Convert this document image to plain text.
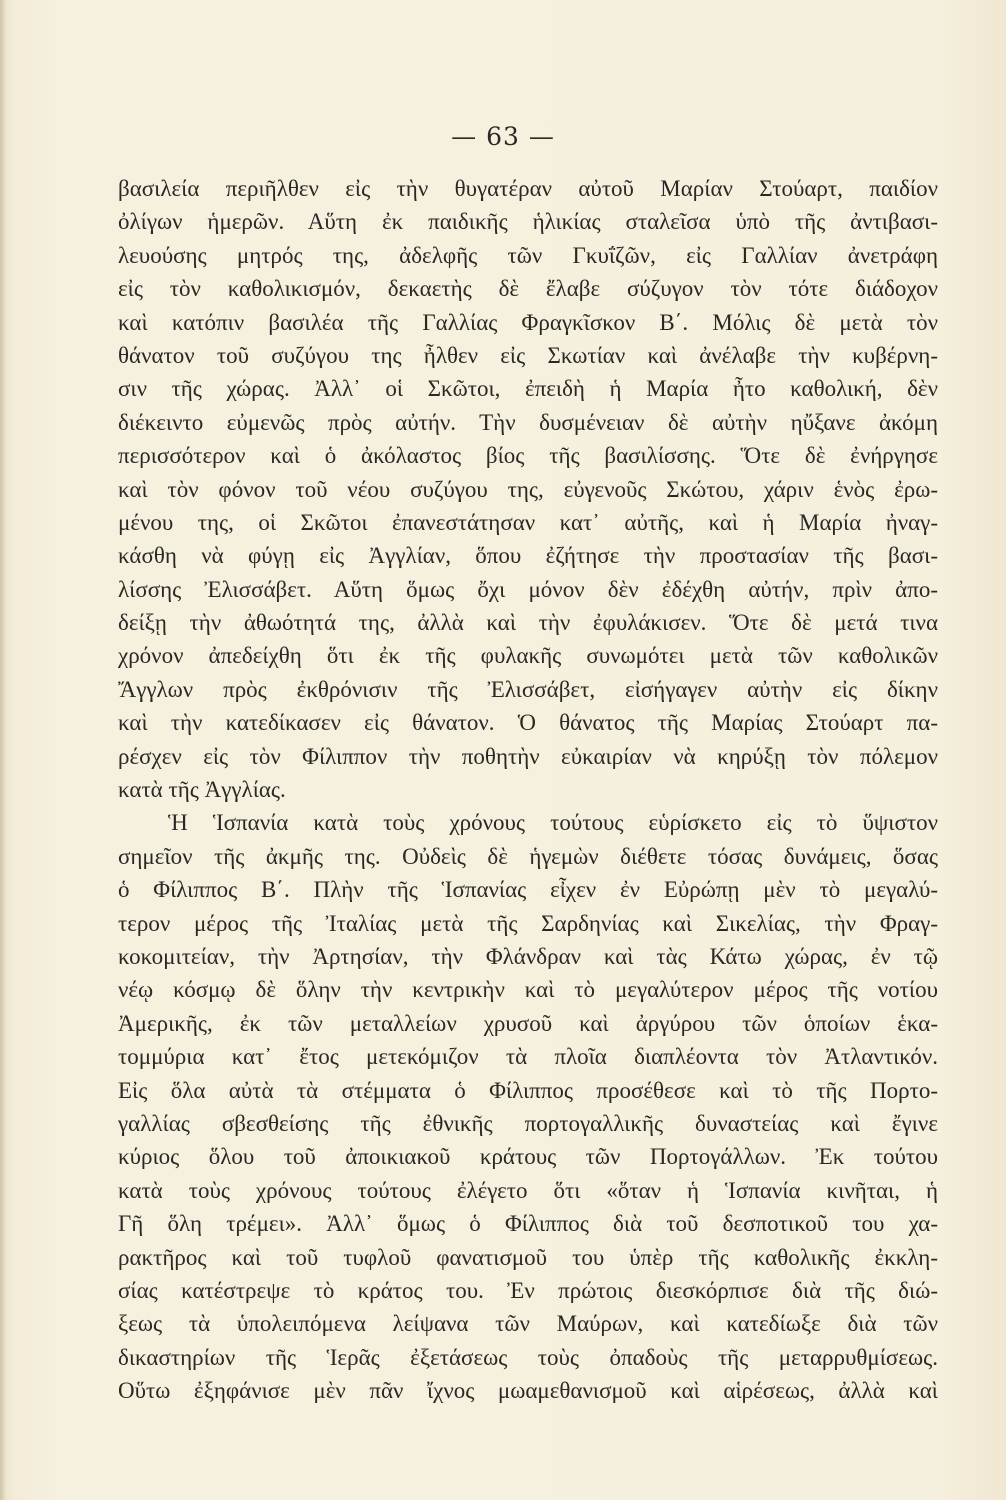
— 63 —
βασιλεία περιῆλθεν εἰς τὴν θυγατέραν αὐτοῦ Μαρίαν Στούαρτ, παιδίον
ὀλίγων ἡμερῶν. Αὕτη ἐκ παιδικῆς ἡλικίας σταλεῖσα ὑπὸ τῆς ἀντιβασι-
λευούσης μητρός της, ἀδελφῆς τῶν Γκυΐζῶν, εἰς Γαλλίαν ἀνετράφη
εἰς τὸν καθολικισμόν, δεκαετὴς δὲ ἔλαβε σύζυγον τὸν τότε διάδοχον
καὶ κατόπιν βασιλέα τῆς Γαλλίας Φραγκῖσκον Β΄. Μόλις δὲ μετὰ τὸν
θάνατον τοῦ συζύγου της ἦλθεν εἰς Σκωτίαν καὶ ἀνέλαβε τὴν κυβέρνη-
σιν τῆς χώρας. Ἀλλ᾿ οἱ Σκῶτοι, ἐπειδὴ ἡ Μαρία ἦτο καθολική, δὲν
διέκειντο εὐμενῶς πρὸς αὐτήν. Τὴν δυσμένειαν δὲ αὐτὴν ηὔξανε ἀκόμη
περισσότερον καὶ ὁ ἀκόλαστος βίος τῆς βασιλίσσης. Ὅτε δὲ ἐνήργησε
καὶ τὸν φόνον τοῦ νέου συζύγου της, εὐγενοῦς Σκώτου, χάριν ἑνὸς ἐρω-
μένου της, οἱ Σκῶτοι ἐπανεστάτησαν κατ᾿ αὐτῆς, καὶ ἡ Μαρία ἠναγ-
κάσθη νὰ φύγῃ εἰς Ἀγγλίαν, ὅπου ἐζήτησε τὴν προστασίαν τῆς βασι-
λίσσης Ἐλισσάβετ. Αὕτη ὅμως ὄχι μόνον δὲν ἐδέχθη αὐτήν, πρὶν ἀπο-
δείξῃ τὴν ἀθωότητά της, ἀλλὰ καὶ τὴν ἐφυλάκισεν. Ὅτε δὲ μετά τινα
χρόνον ἀπεδείχθη ὅτι ἐκ τῆς φυλακῆς συνωμότει μετὰ τῶν καθολικῶν
Ἄγγλων πρὸς ἐκθρόνισιν τῆς Ἐλισσάβετ, εἰσήγαγεν αὐτὴν εἰς δίκην
καὶ τὴν κατεδίκασεν εἰς θάνατον. Ὁ θάνατος τῆς Μαρίας Στούαρτ πα-
ρέσχεν εἰς τὸν Φίλιππον τὴν ποθητὴν εὐκαιρίαν νὰ κηρύξῃ τὸν πόλεμον
κατὰ τῆς Ἀγγλίας.
Ἡ Ἱσπανία κατὰ τοὺς χρόνους τούτους εὑρίσκετο εἰς τὸ ὕψιστον
σημεῖον τῆς ἀκμῆς της. Οὐδεὶς δὲ ἡγεμὼν διέθετε τόσας δυνάμεις, ὅσας
ὁ Φίλιππος Β΄. Πλὴν τῆς Ἱσπανίας εἶχεν ἐν Εὐρώπῃ μὲν τὸ μεγαλύ-
τερον μέρος τῆς Ἰταλίας μετὰ τῆς Σαρδηνίας καὶ Σικελίας, τὴν Φραγ-
κοκομιτείαν, τὴν Ἀρτησίαν, τὴν Φλάνδραν καὶ τὰς Κάτω χώρας, ἐν τῷ
νέῳ κόσμῳ δὲ ὅλην τὴν κεντρικὴν καὶ τὸ μεγαλύτερον μέρος τῆς νοτίου
Ἀμερικῆς, ἐκ τῶν μεταλλείων χρυσοῦ καὶ ἀργύρου τῶν ὁποίων ἑκα-
τομμύρια κατ᾿ ἔτος μετεκόμιζον τὰ πλοῖα διαπλέοντα τὸν Ἀτλαντικόν.
Εἰς ὅλα αὐτὰ τὰ στέμματα ὁ Φίλιππος προσέθεσε καὶ τὸ τῆς Πορτο-
γαλλίας σβεσθείσης τῆς ἐθνικῆς πορτογαλλικῆς δυναστείας καὶ ἔγινε
κύριος ὅλου τοῦ ἀποικιακοῦ κράτους τῶν Πορτογάλλων. Ἐκ τούτου
κατὰ τοὺς χρόνους τούτους ἐλέγετο ὅτι «ὅταν ἡ Ἱσπανία κινῆται, ἡ
Γῆ ὅλη τρέμει». Ἀλλ᾿ ὅμως ὁ Φίλιππος διὰ τοῦ δεσποτικοῦ του χα-
ρακτῆρος καὶ τοῦ τυφλοῦ φανατισμοῦ του ὑπὲρ τῆς καθολικῆς ἐκκλη-
σίας κατέστρεψε τὸ κράτος του. Ἐν πρώτοις διεσκόρπισε διὰ τῆς διώ-
ξεως τὰ ὑπολειπόμενα λείψανα τῶν Μαύρων, καὶ κατεδίωξε διὰ τῶν
δικαστηρίων τῆς Ἱερᾶς ἐξετάσεως τοὺς ὀπαδοὺς τῆς μεταρρυθμίσεως.
Οὕτω ἐξηφάνισε μὲν πᾶν ἴχνος μωαμεθανισμοῦ καὶ αἱρέσεως, ἀλλὰ καὶ
